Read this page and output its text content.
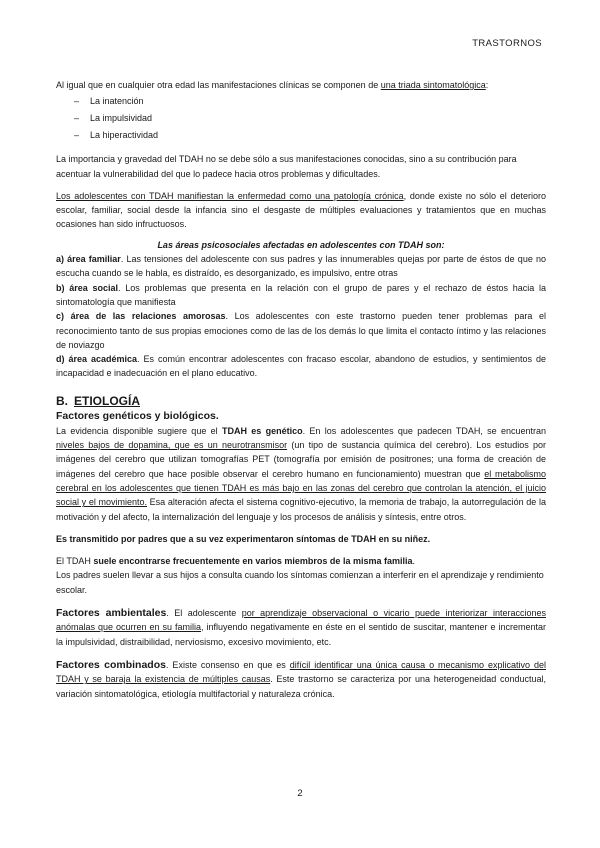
TRASTORNOS

Al igual que en cualquier otra edad las manifestaciones clínicas se componen de una triada sintomatológica:

– La inatención
– La impulsividad
– La hiperactividad

La importancia y gravedad del TDAH no se debe sólo a sus manifestaciones conocidas, sino a su contribución para acentuar la vulnerabilidad del que lo padece hacia otros problemas y dificultades.

Los adolescentes con TDAH manifiestan la enfermedad como una patología crónica, donde existe no sólo el deterioro escolar, familiar, social desde la infancia sino el desgaste de múltiples evaluaciones y tratamientos que en muchas ocasiones han sido infructuosos.

Las áreas psicosociales afectadas en adolescentes con TDAH son:

a) área familiar. Las tensiones del adolescente con sus padres y las innumerables quejas por parte de éstos de que no escucha cuando se le habla, es distraído, es desorganizado, es impulsivo, entre otras

b) área social. Los problemas que presenta en la relación con el grupo de pares y el rechazo de éstos hacia la sintomatología que manifiesta

c) área de las relaciones amorosas. Los adolescentes con este trastorno pueden tener problemas para el reconocimiento tanto de sus propias emociones como de las de los demás lo que limita el contacto íntimo y las relaciones de noviazgo

d) área académica. Es común encontrar adolescentes con fracaso escolar, abandono de estudios, y sentimientos de incapacidad e inadecuación en el plano educativo.

B. ETIOLOGÍA
Factores genéticos y biológicos.

La evidencia disponible sugiere que el TDAH es genético. En los adolescentes que padecen TDAH, se encuentran niveles bajos de dopamina, que es un neurotransmisor (un tipo de sustancia química del cerebro). Los estudios por imágenes del cerebro que utilizan tomografías PET (tomografía por emisión de positrones; una forma de creación de imágenes del cerebro que hace posible observar el cerebro humano en funcionamiento) muestran que el metabolismo cerebral en los adolescentes que tienen TDAH es más bajo en las zonas del cerebro que controlan la atención, el juicio social y el movimiento. Esa alteración afecta el sistema cognitivo-ejecutivo, la memoria de trabajo, la autorregulación de la motivación y del afecto, la internalización del lenguaje y los procesos de análisis y síntesis, entre otros.

Es transmitido por padres que a su vez experimentaron síntomas de TDAH en su niñez.

El TDAH suele encontrarse frecuentemente en varios miembros de la misma familia.

Los padres suelen llevar a sus hijos a consulta cuando los síntomas comienzan a interferir en el aprendizaje y rendimiento escolar.

Factores ambientales. El adolescente por aprendizaje observacional o vicario puede interiorizar interacciones anómalas que ocurren en su familia, influyendo negativamente en éste en el sentido de suscitar, mantener e incrementar la impulsividad, distraibilidad, nerviosismo, excesivo movimiento, etc.

Factores combinados. Existe consenso en que es difícil identificar una única causa o mecanismo explicativo del TDAH y se baraja la existencia de múltiples causas. Este trastorno se caracteriza por una heterogeneidad conductual, variación sintomatológica, etiología multifactorial y naturaleza crónica.

2
